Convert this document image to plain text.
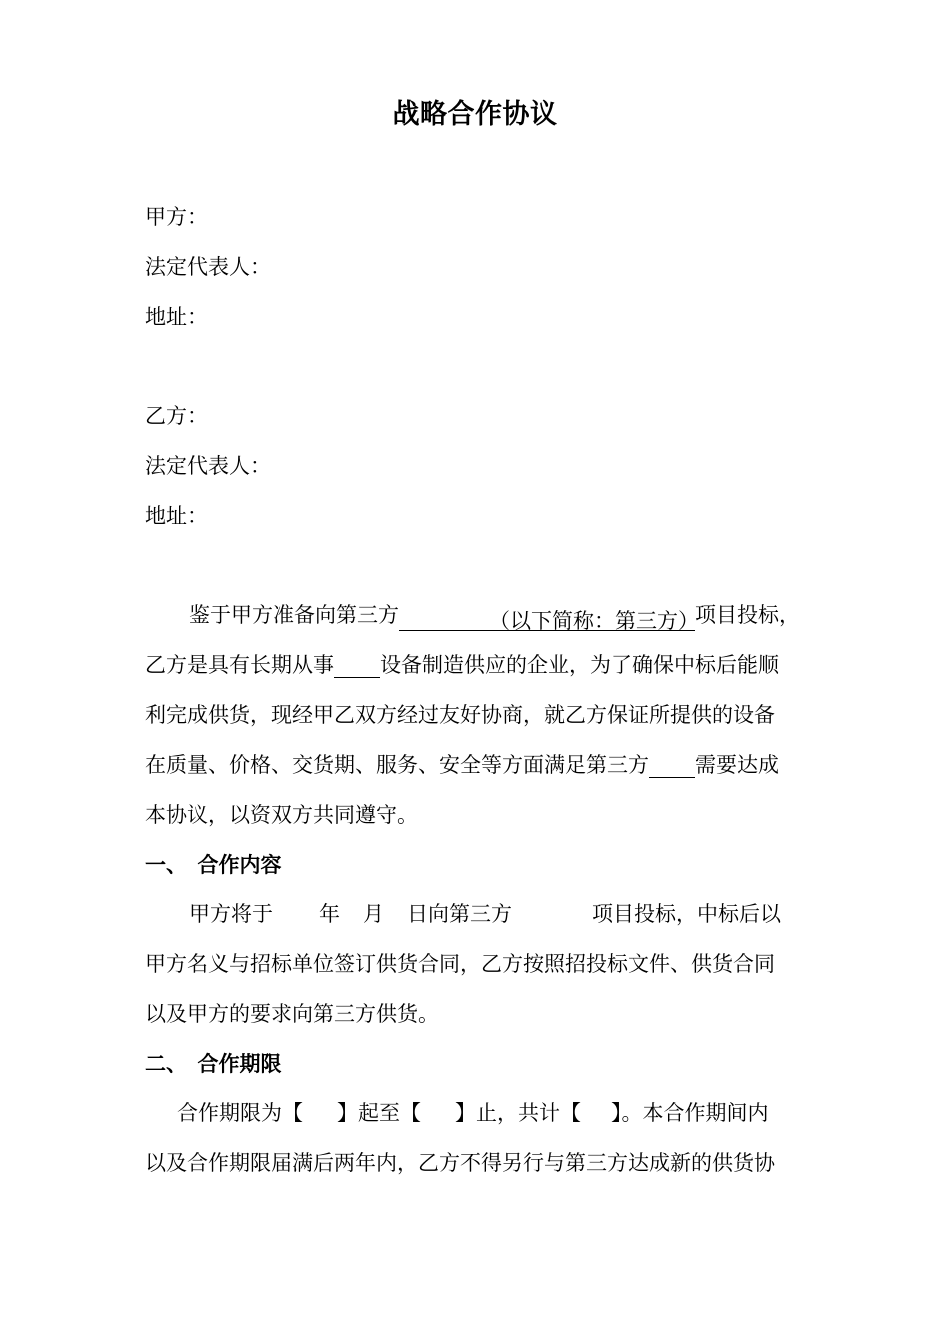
战略合作协议
甲方：
法定代表人：
地址：
乙方：
法定代表人：
地址：
鉴于甲方准备向第三方	（以下简称：第三方）项目投标，
乙方是具有长期从事 设备制造供应的企业，为了确保中标后能顺
利完成供货，现经甲乙双方经过友好协商，就乙方保证所提供的设备
在质量、价格、交货期、服务、安全等方面满足第三方 需要达成
本协议，以资双方共同遵守。
一、　合作内容
甲方将于 年 月 日向第三方	项目投标，中标后以
甲方名义与招标单位签订供货合同，乙方按照招投标文件、供货合同
以及甲方的要求向第三方供货。
二、　合作期限
合作期限为【 】起至【 】止，共计【 】。本合作期间内
以及合作期限届满后两年内，乙方不得另行与第三方达成新的供货协
